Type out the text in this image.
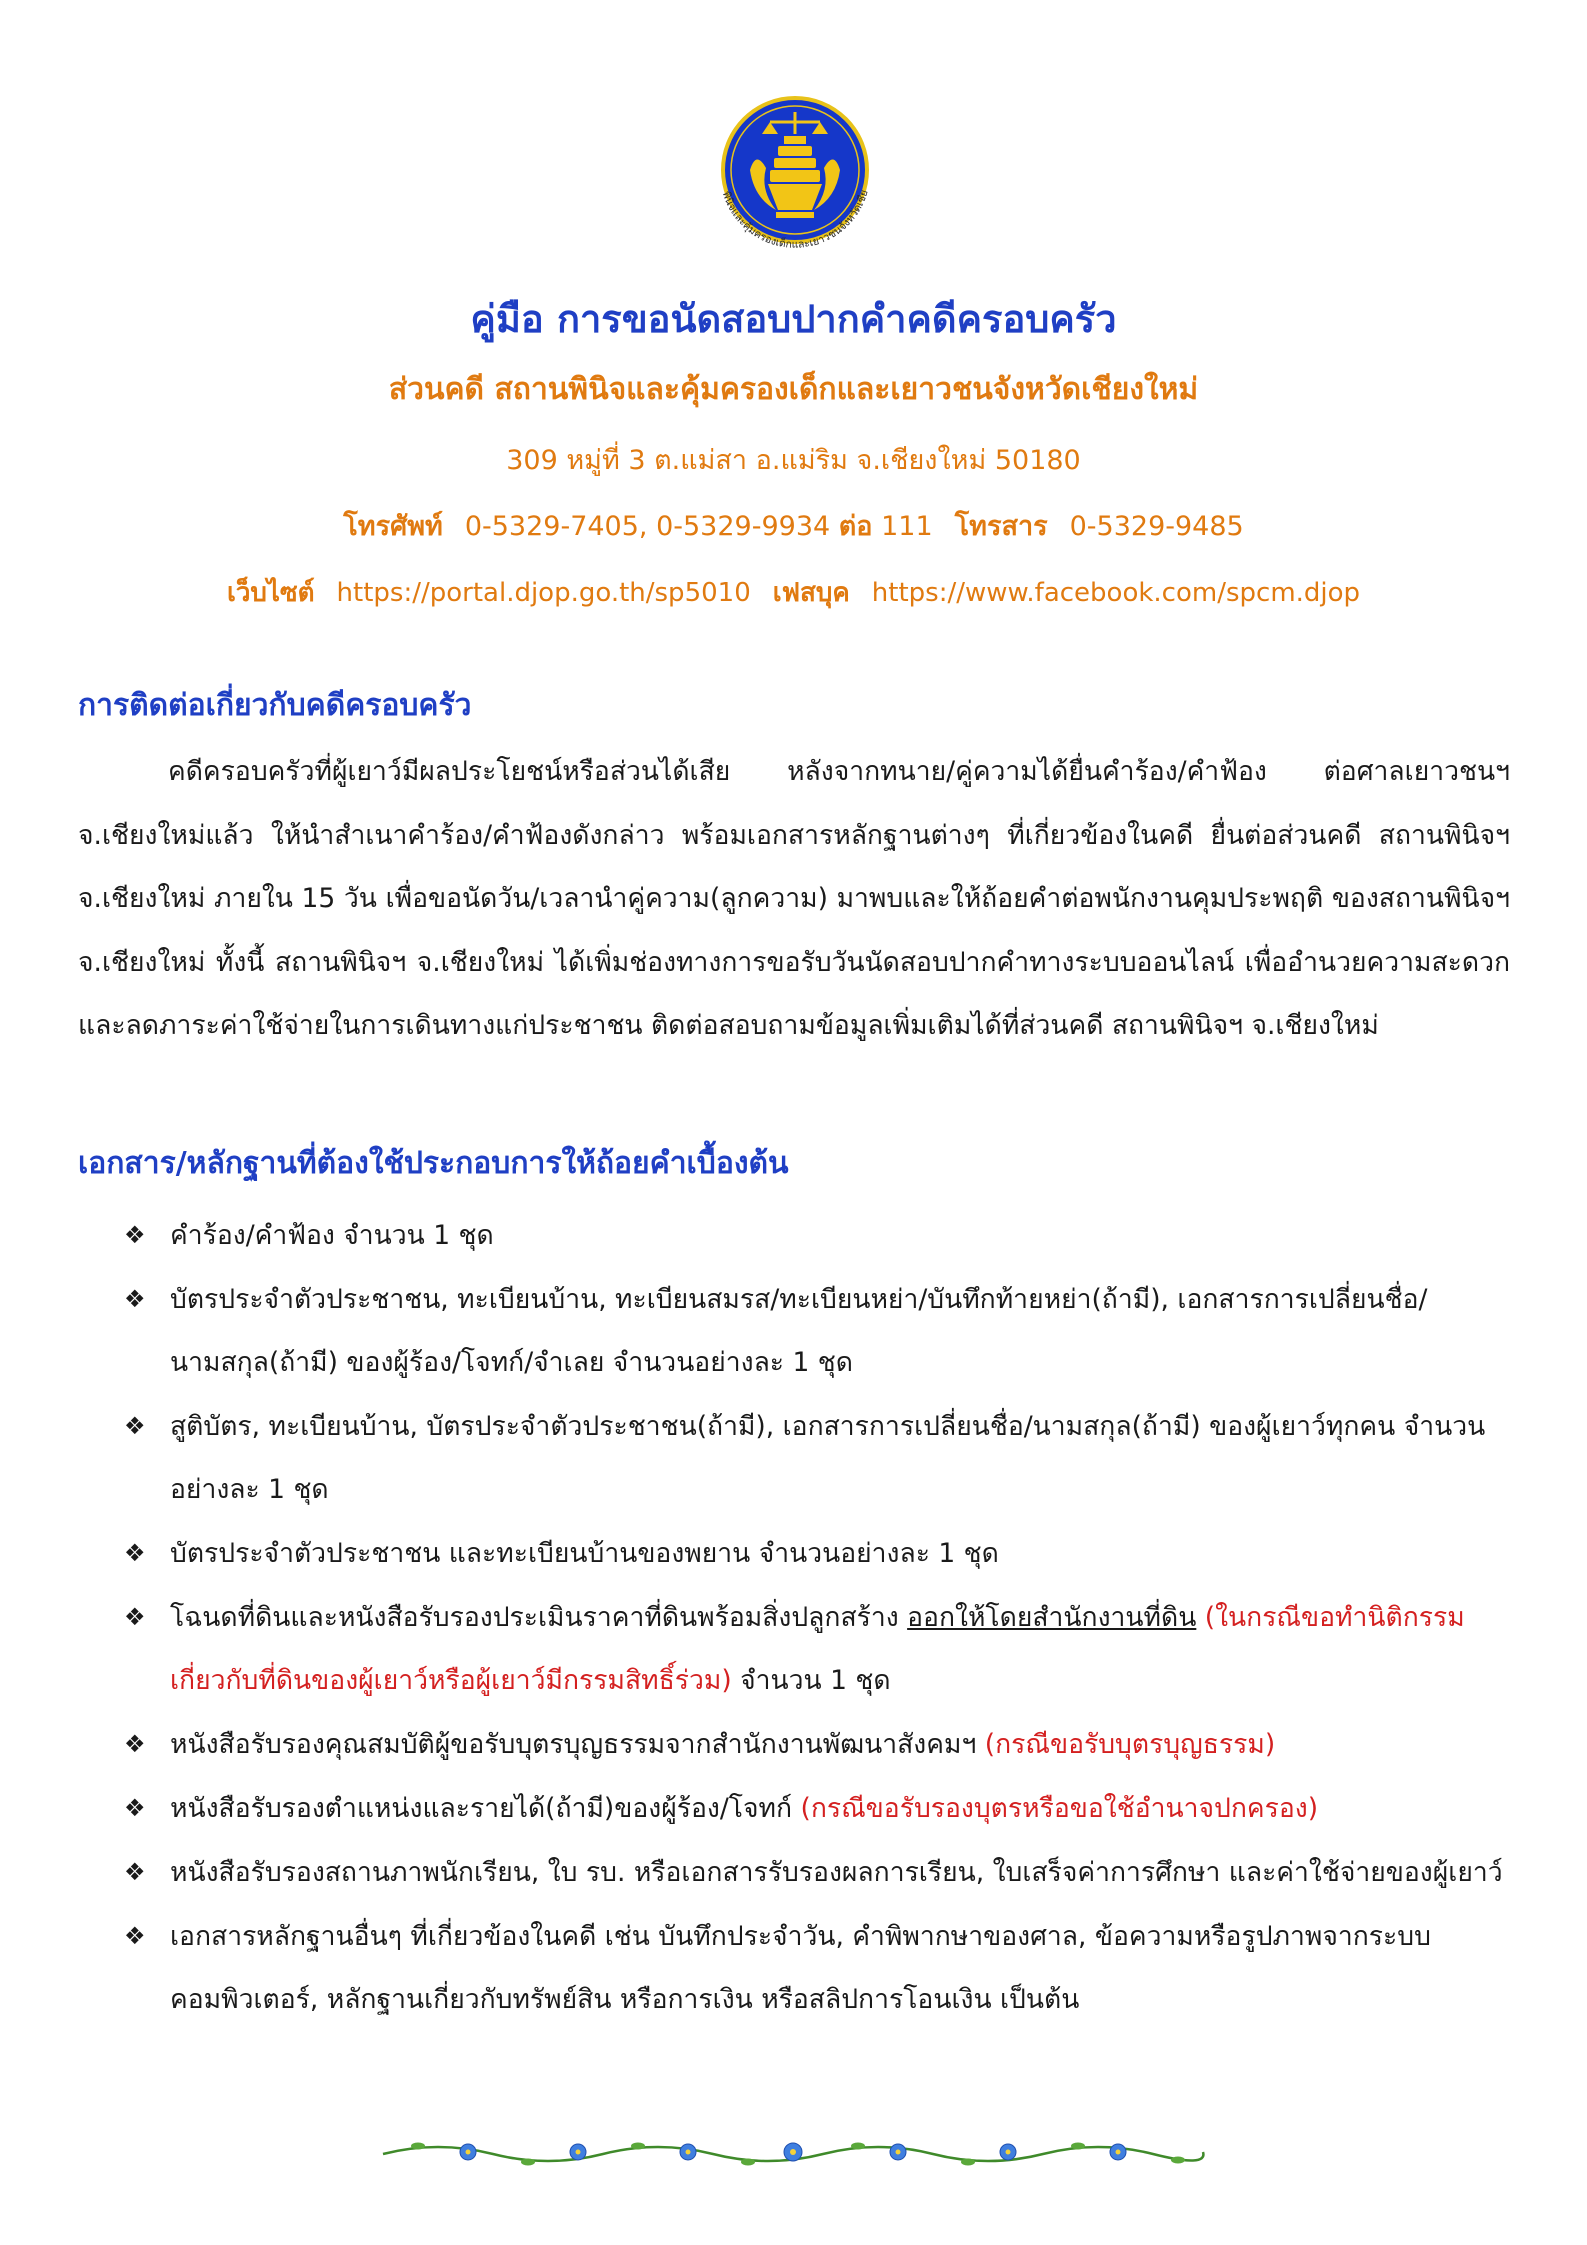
พินิจและคุ้มครองเด็กและเยาวชนจังหวัดเชีย
คู่มือ การขอนัดสอบปากคำคดีครอบครัว
ส่วนคดี สถานพินิจและคุ้มครองเด็กและเยาวชนจังหวัดเชียงใหม่
309 หมู่ที่ 3 ต.แม่สา อ.แม่ริม จ.เชียงใหม่ 50180
โทรศัพท์ 0-5329-7405, 0-5329-9934 ต่อ 111 โทรสาร 0-5329-9485
เว็บไซต์ https://portal.djop.go.th/sp5010 เฟสบุค https://www.facebook.com/spcm.djop
การติดต่อเกี่ยวกับคดีครอบครัว

คดีครอบครัวที่ผู้เยาว์มีผลประโยชน์หรือส่วนได้เสีย หลังจากทนาย/คู่ความได้ยื่นคำร้อง/คำฟ้อง ต่อศาลเยาวชนฯ จ.เชียงใหม่แล้ว ให้นำสำเนาคำร้อง/คำฟ้องดังกล่าว พร้อมเอกสารหลักฐานต่างๆ ที่เกี่ยวข้องในคดี ยื่นต่อส่วนคดี สถานพินิจฯ จ.เชียงใหม่ ภายใน 15 วัน เพื่อขอนัดวัน/เวลานำคู่ความ(ลูกความ) มาพบและให้ถ้อยคำต่อพนักงานคุมประพฤติ ของสถานพินิจฯ จ.เชียงใหม่ ทั้งนี้ สถานพินิจฯ จ.เชียงใหม่ ได้เพิ่มช่องทางการขอรับวันนัดสอบปากคำทางระบบออนไลน์ เพื่ออำนวยความสะดวกและลดภาระค่าใช้จ่ายในการเดินทางแก่ประชาชน ติดต่อสอบถามข้อมูลเพิ่มเติมได้ที่ส่วนคดี สถานพินิจฯ จ.เชียงใหม่

เอกสาร/หลักฐานที่ต้องใช้ประกอบการให้ถ้อยคำเบื้องต้น
❖ คำร้อง/คำฟ้อง จำนวน 1 ชุด
❖ บัตรประจำตัวประชาชน, ทะเบียนบ้าน, ทะเบียนสมรส/ทะเบียนหย่า/บันทึกท้ายหย่า(ถ้ามี), เอกสารการเปลี่ยนชื่อ/นามสกุล(ถ้ามี) ของผู้ร้อง/โจทก์/จำเลย จำนวนอย่างละ 1 ชุด
❖ สูติบัตร, ทะเบียนบ้าน, บัตรประจำตัวประชาชน(ถ้ามี), เอกสารการเปลี่ยนชื่อ/นามสกุล(ถ้ามี) ของผู้เยาว์ทุกคน จำนวนอย่างละ 1 ชุด
❖ บัตรประจำตัวประชาชน และทะเบียนบ้านของพยาน จำนวนอย่างละ 1 ชุด
❖ โฉนดที่ดินและหนังสือรับรองประเมินราคาที่ดินพร้อมสิ่งปลูกสร้าง ออกให้โดยสำนักงานที่ดิน (ในกรณีขอทำนิติกรรมเกี่ยวกับที่ดินของผู้เยาว์หรือผู้เยาว์มีกรรมสิทธิ์ร่วม) จำนวน 1 ชุด
❖ หนังสือรับรองคุณสมบัติผู้ขอรับบุตรบุญธรรมจากสำนักงานพัฒนาสังคมฯ (กรณีขอรับบุตรบุญธรรม)
❖ หนังสือรับรองตำแหน่งและรายได้(ถ้ามี)ของผู้ร้อง/โจทก์ (กรณีขอรับรองบุตรหรือขอใช้อำนาจปกครอง)
❖ หนังสือรับรองสถานภาพนักเรียน, ใบ รบ. หรือเอกสารรับรองผลการเรียน, ใบเสร็จค่าการศึกษา และค่าใช้จ่ายของผู้เยาว์
❖ เอกสารหลักฐานอื่นๆ ที่เกี่ยวข้องในคดี เช่น บันทึกประจำวัน, คำพิพากษาของศาล, ข้อความหรือรูปภาพจากระบบคอมพิวเตอร์, หลักฐานเกี่ยวกับทรัพย์สิน หรือการเงิน หรือสลิปการโอนเงิน เป็นต้น
